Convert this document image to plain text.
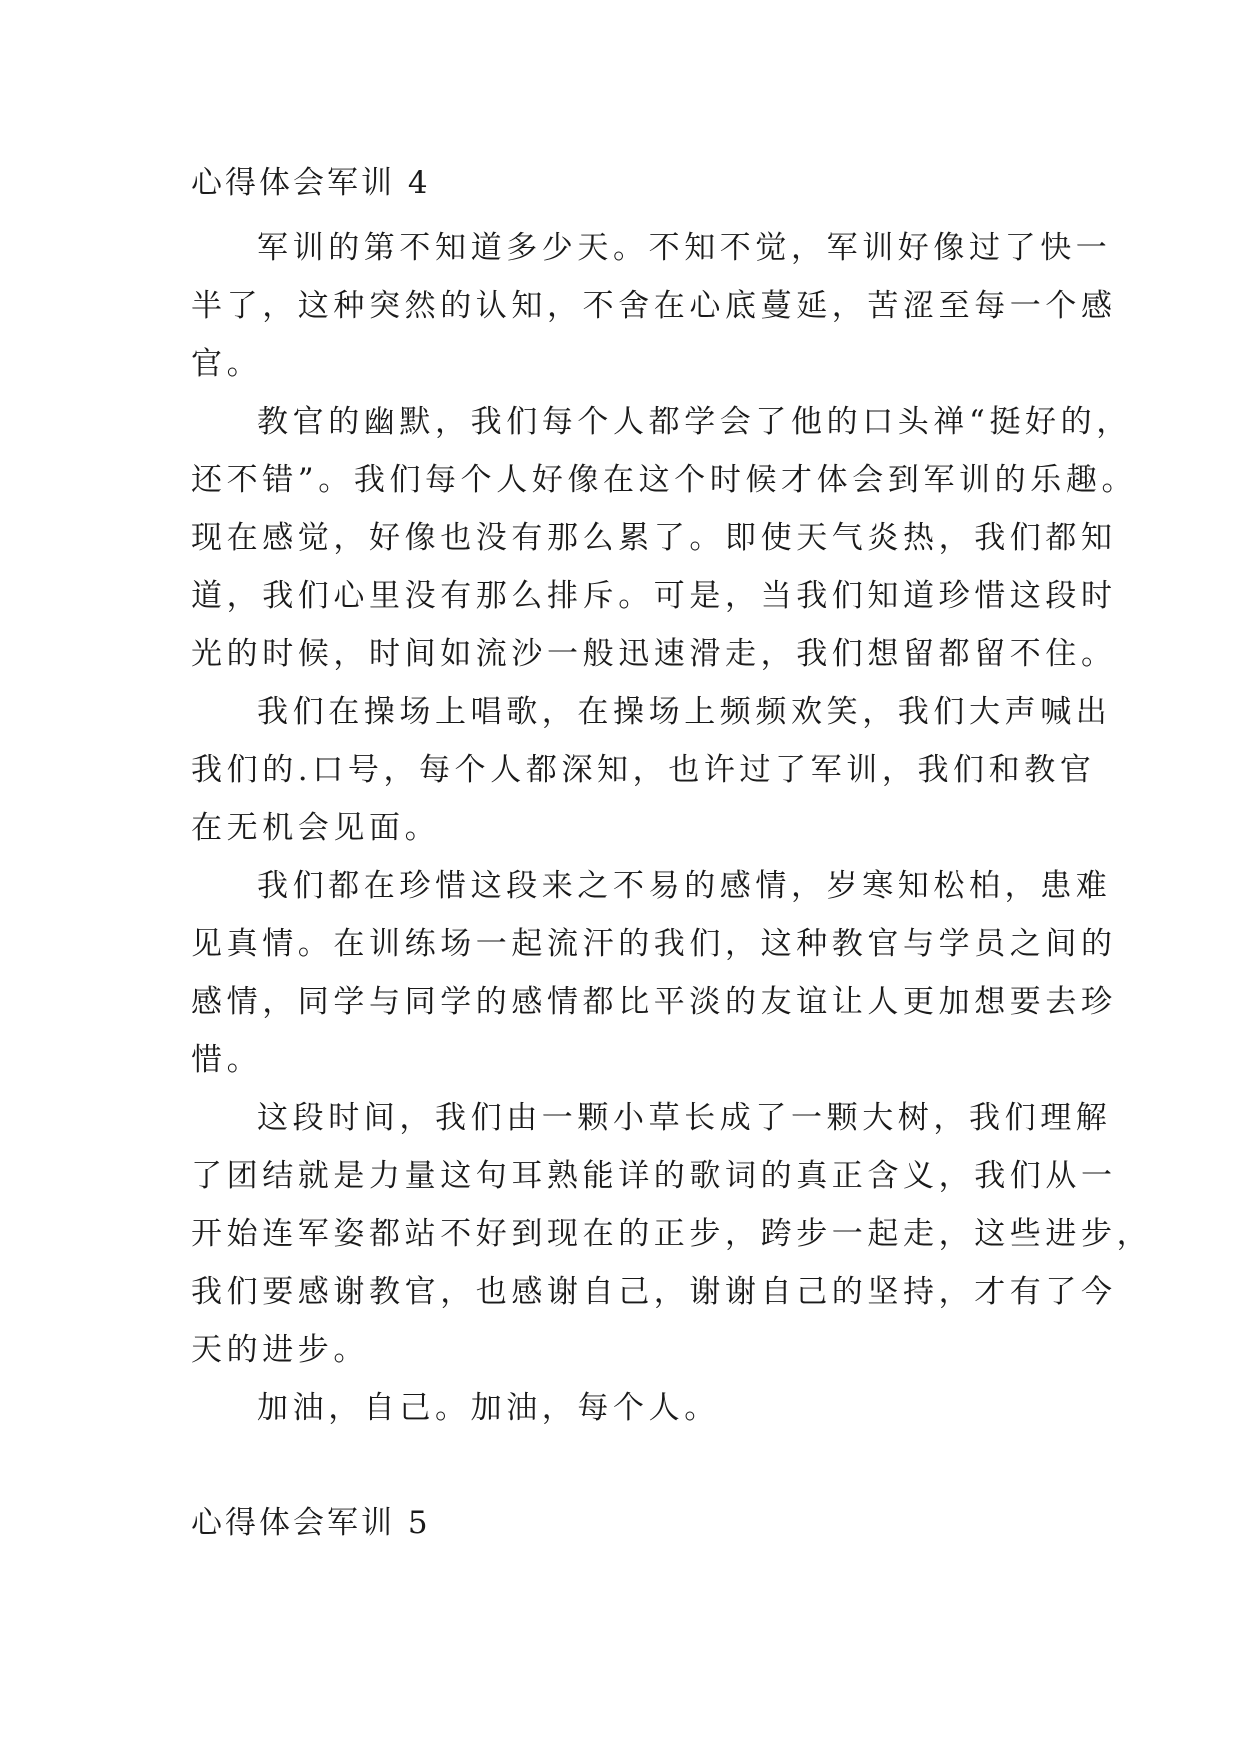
心得体会军训 4

军训的第不知道多少天。不知不觉，军训好像过了快一
半了，这种突然的认知，不舍在心底蔓延，苦涩至每一个感
官。

教官的幽默，我们每个人都学会了他的口头禅“挺好的，
还不错”。我们每个人好像在这个时候才体会到军训的乐趣。
现在感觉，好像也没有那么累了。即使天气炎热，我们都知
道，我们心里没有那么排斥。可是，当我们知道珍惜这段时
光的时候，时间如流沙一般迅速滑走，我们想留都留不住。

我们在操场上唱歌，在操场上频频欢笑，我们大声喊出
我们的.口号，每个人都深知，也许过了军训，我们和教官
在无机会见面。

我们都在珍惜这段来之不易的感情，岁寒知松柏，患难
见真情。在训练场一起流汗的我们，这种教官与学员之间的
感情，同学与同学的感情都比平淡的友谊让人更加想要去珍
惜。

这段时间，我们由一颗小草长成了一颗大树，我们理解
了团结就是力量这句耳熟能详的歌词的真正含义，我们从一
开始连军姿都站不好到现在的正步，跨步一起走，这些进步，
我们要感谢教官，也感谢自己，谢谢自己的坚持，才有了今
天的进步。

加油，自己。加油，每个人。

心得体会军训 5
